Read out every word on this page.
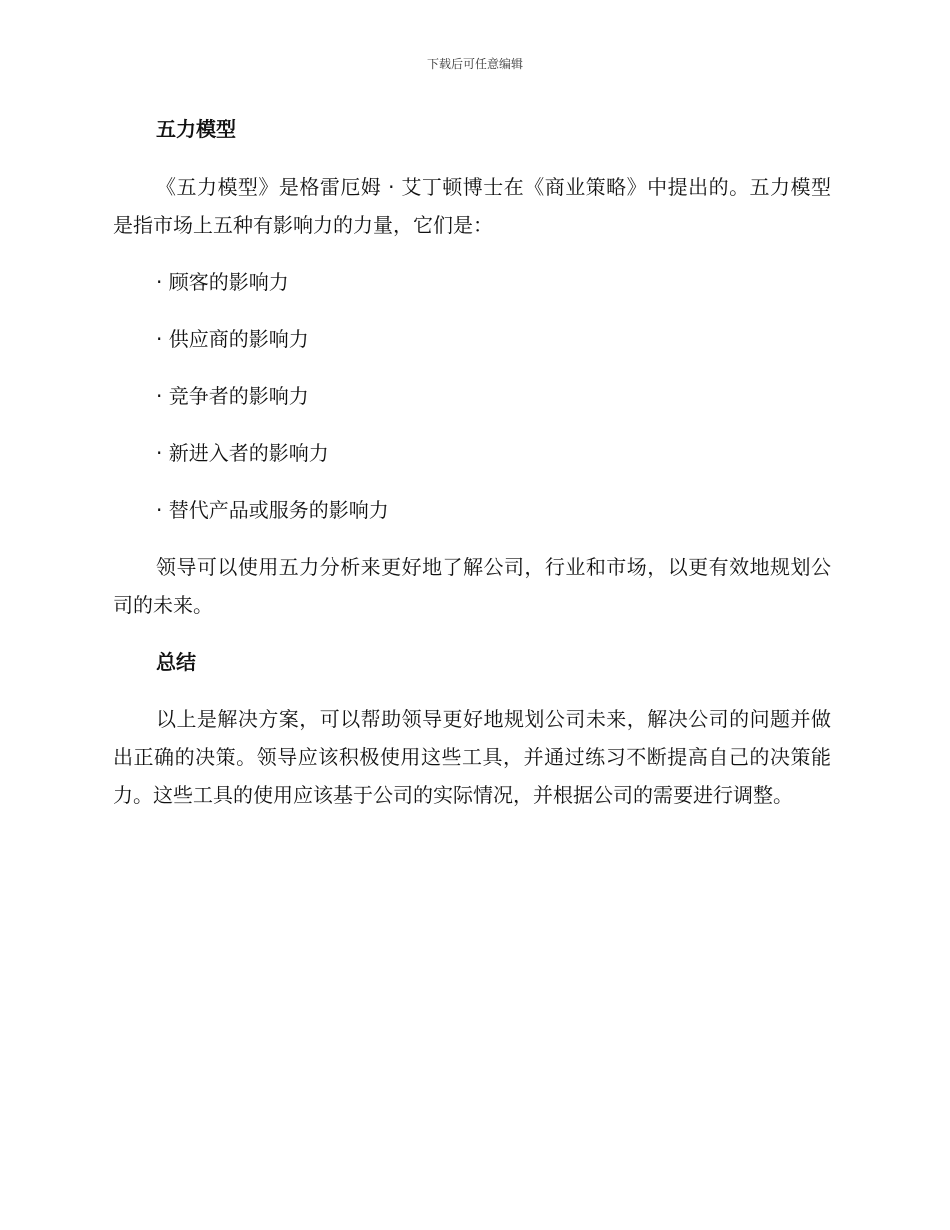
下载后可任意编辑
五力模型

《五力模型》是格雷厄姆 · 艾丁顿博士在《商业策略》中提出的。五力模型是指市场上五种有影响力的力量，它们是：

· 顾客的影响力
· 供应商的影响力
· 竞争者的影响力
· 新进入者的影响力
· 替代产品或服务的影响力

领导可以使用五力分析来更好地了解公司，行业和市场，以更有效地规划公司的未来。

总结

以上是解决方案，可以帮助领导更好地规划公司未来，解决公司的问题并做出正确的决策。领导应该积极使用这些工具，并通过练习不断提高自己的决策能力。这些工具的使用应该基于公司的实际情况，并根据公司的需要进行调整。
